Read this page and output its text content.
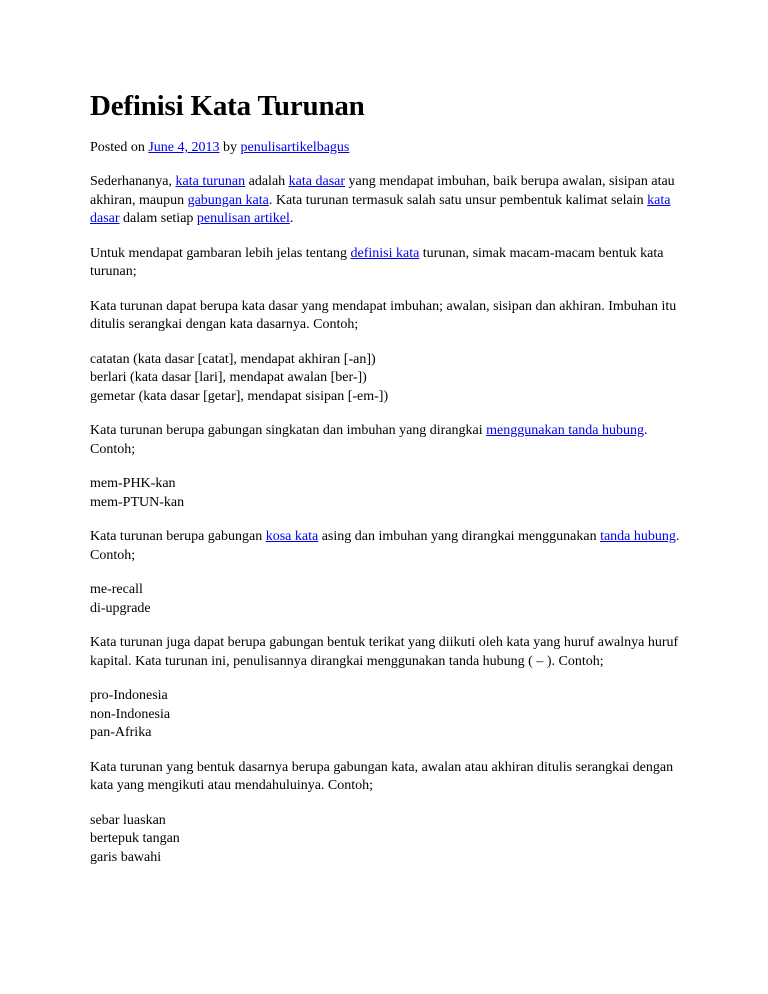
Definisi Kata Turunan
Posted on June 4, 2013 by penulisartikelbagus

Sederhananya, kata turunan adalah kata dasar yang mendapat imbuhan, baik berupa awalan, sisipan atau akhiran, maupun gabungan kata. Kata turunan termasuk salah satu unsur pembentuk kalimat selain kata dasar dalam setiap penulisan artikel.

Untuk mendapat gambaran lebih jelas tentang definisi kata turunan, simak macam-macam bentuk kata turunan;

Kata turunan dapat berupa kata dasar yang mendapat imbuhan; awalan, sisipan dan akhiran. Imbuhan itu ditulis serangkai dengan kata dasarnya. Contoh;

catatan (kata dasar [catat], mendapat akhiran [-an])

berlari (kata dasar [lari], mendapat awalan [ber-])

gemetar (kata dasar [getar], mendapat sisipan [-em-])

Kata turunan berupa gabungan singkatan dan imbuhan yang dirangkai menggunakan tanda hubung. Contoh;

mem-PHK-kan

mem-PTUN-kan

Kata turunan berupa gabungan kosa kata asing dan imbuhan yang dirangkai menggunakan tanda hubung. Contoh;

me-recall

di-upgrade

Kata turunan juga dapat berupa gabungan bentuk terikat yang diikuti oleh kata yang huruf awalnya huruf kapital. Kata turunan ini, penulisannya dirangkai menggunakan tanda hubung ( – ). Contoh;

pro-Indonesia

non-Indonesia

pan-Afrika

Kata turunan yang bentuk dasarnya berupa gabungan kata, awalan atau akhiran ditulis serangkai dengan kata yang mengikuti atau mendahuluinya. Contoh;

sebar luaskan

bertepuk tangan

garis bawahi
